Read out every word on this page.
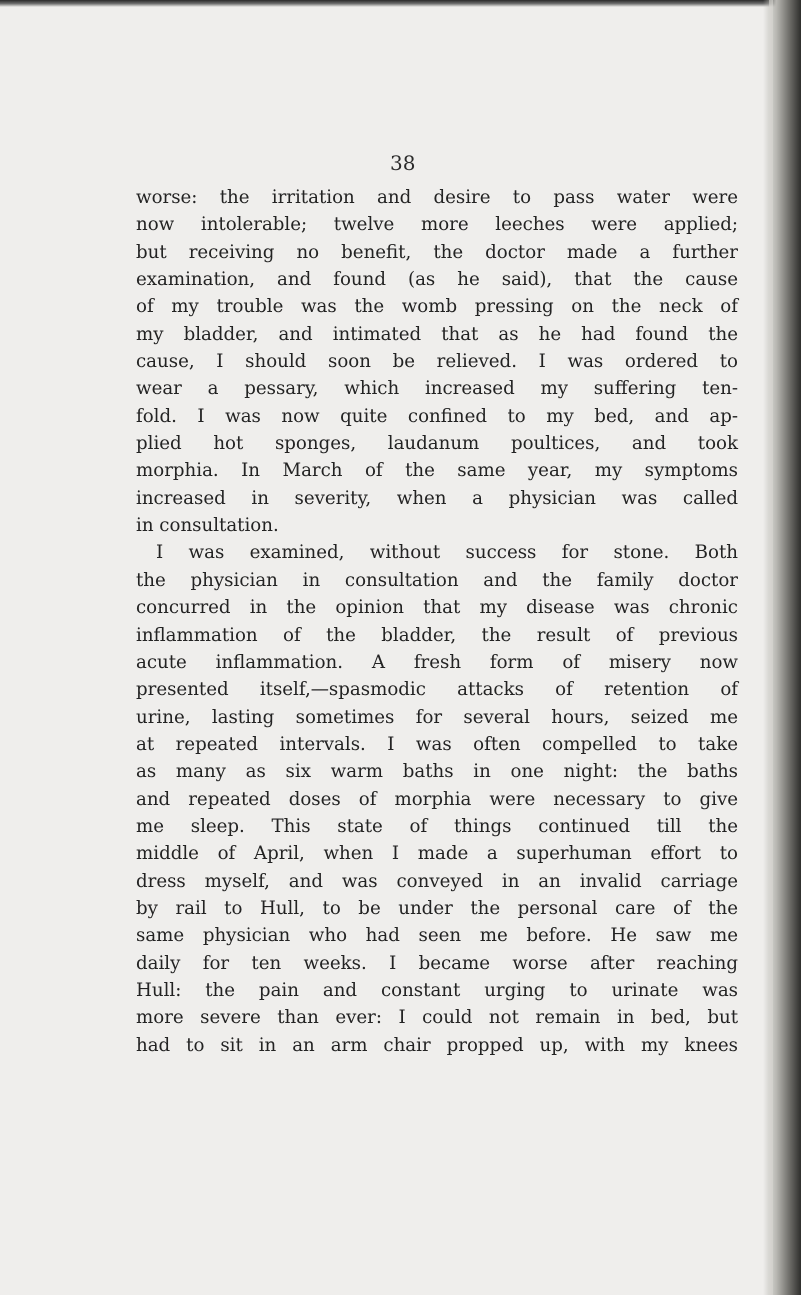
38
worse: the irritation and desire to pass water were
now intolerable; twelve more leeches were applied;
but receiving no benefit, the doctor made a further
examination, and found (as he said), that the cause
of my trouble was the womb pressing on the neck of
my bladder, and intimated that as he had found the
cause, I should soon be relieved. I was ordered to
wear a pessary, which increased my suffering ten-
fold. I was now quite confined to my bed, and ap-
plied hot sponges, laudanum poultices, and took
morphia. In March of the same year, my symptoms
increased in severity, when a physician was called
in consultation.
I was examined, without success for stone. Both
the physician in consultation and the family doctor
concurred in the opinion that my disease was chronic
inflammation of the bladder, the result of previous
acute inflammation. A fresh form of misery now
presented itself,—spasmodic attacks of retention of
urine, lasting sometimes for several hours, seized me
at repeated intervals. I was often compelled to take
as many as six warm baths in one night: the baths
and repeated doses of morphia were necessary to give
me sleep. This state of things continued till the
middle of April, when I made a superhuman effort to
dress myself, and was conveyed in an invalid carriage
by rail to Hull, to be under the personal care of the
same physician who had seen me before. He saw me
daily for ten weeks. I became worse after reaching
Hull: the pain and constant urging to urinate was
more severe than ever: I could not remain in bed, but
had to sit in an arm chair propped up, with my knees
